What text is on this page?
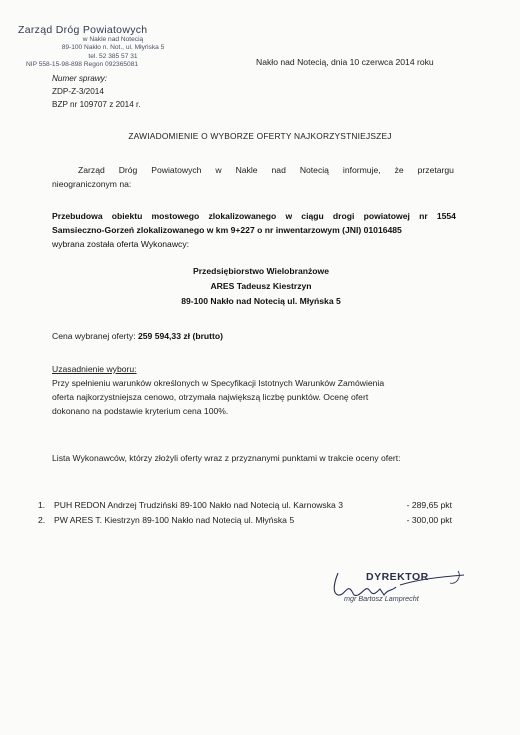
Zarząd Dróg Powiatowych
w Nakle nad Notecią
89-100 Nakło n. Not., ul. Młyńska 5
tel. 52 385 57 31
NIP 558-15-98-898 Regon 092365081	Nakło nad Notecią, dnia 10 czerwca 2014 roku
Numer sprawy:
ZDP-Z-3/2014
BZP nr 109707 z 2014 r.
ZAWIADOMIENIE O WYBORZE OFERTY NAJKORZYSTNIEJSZEJ
Zarząd Dróg Powiatowych w Nakle nad Notecią informuje, że przetargu
nieograniczonym na:
Przebudowa obiektu mostowego zlokalizowanego w ciągu drogi powiatowej nr 1554
Samsieczno-Gorzeń zlokalizowanego w km 9+227 o nr inwentarzowym (JNI) 01016485
wybrana została oferta Wykonawcy:
Przedsiębiorstwo Wielobranżowe
ARES Tadeusz Kiestrzyn
89-100 Nakło nad Notecią ul. Młyńska 5
Cena wybranej oferty: 259 594,33 zł (brutto)
Uzasadnienie wyboru:
Przy spełnieniu warunków określonych w Specyfikacji Istotnych Warunków Zamówienia
oferta najkorzystniejsza cenowo, otrzymała największą liczbę punktów. Ocenę ofert
dokonano na podstawie kryterium cena 100%.
Lista Wykonawców, którzy złożyli oferty wraz z przyznanymi punktami w trakcie oceny ofert:
1.	PUH REDON Andrzej Trudziński 89-100 Nakło nad Notecią ul. Karnowska 3	- 289,65 pkt
2.	PW ARES T. Kiestrzyn 89-100 Nakło nad Notecią ul. Młyńska 5	- 300,00 pkt
DYREKTOR
mgr Bartosz Lamprecht
